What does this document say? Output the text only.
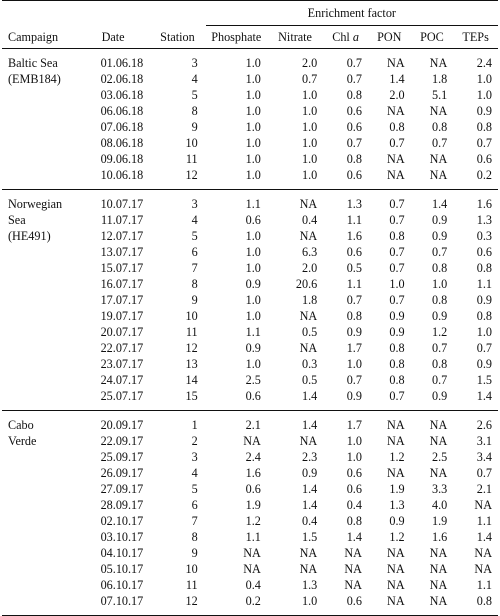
			Enrichment factor					
Campaign	Date	Station	Phosphate	Nitrate	Chl a	PON	POC	TEPs
Baltic Sea	01.06.18	3	1.0	2.0	0.7	NA	NA	2.4
(EMB184)	02.06.18	4	1.0	0.7	0.7	1.4	1.8	1.0
	03.06.18	5	1.0	1.0	0.8	2.0	5.1	1.0
	06.06.18	8	1.0	1.0	0.6	NA	NA	0.9
	07.06.18	9	1.0	1.0	0.6	0.8	0.8	0.8
	08.06.18	10	1.0	1.0	0.7	0.7	0.7	0.7
	09.06.18	11	1.0	1.0	0.8	NA	NA	0.6
	10.06.18	12	1.0	1.0	0.6	NA	NA	0.2
Norwegian	10.07.17	3	1.1	NA	1.3	0.7	1.4	1.6
Sea	11.07.17	4	0.6	0.4	1.1	0.7	0.9	1.3
(HE491)	12.07.17	5	1.0	NA	1.6	0.8	0.9	0.3
	13.07.17	6	1.0	6.3	0.6	0.7	0.7	0.6
	15.07.17	7	1.0	2.0	0.5	0.7	0.8	0.8
	16.07.17	8	0.9	20.6	1.1	1.0	1.0	1.1
	17.07.17	9	1.0	1.8	0.7	0.7	0.8	0.9
	19.07.17	10	1.0	NA	0.8	0.9	0.9	0.8
	20.07.17	11	1.1	0.5	0.9	0.9	1.2	1.0
	22.07.17	12	0.9	NA	1.7	0.8	0.7	0.7
	23.07.17	13	1.0	0.3	1.0	0.8	0.8	0.9
	24.07.17	14	2.5	0.5	0.7	0.8	0.7	1.5
	25.07.17	15	0.6	1.4	0.9	0.7	0.9	1.4
Cabo	20.09.17	1	2.1	1.4	1.7	NA	NA	2.6
Verde	22.09.17	2	NA	NA	1.0	NA	NA	3.1
	25.09.17	3	2.4	2.3	1.0	1.2	2.5	3.4
	26.09.17	4	1.6	0.9	0.6	NA	NA	0.7
	27.09.17	5	0.6	1.4	0.6	1.9	3.3	2.1
	28.09.17	6	1.9	1.4	0.4	1.3	4.0	NA
	02.10.17	7	1.2	0.4	0.8	0.9	1.9	1.1
	03.10.17	8	1.1	1.5	1.4	1.2	1.6	1.4
	04.10.17	9	NA	NA	NA	NA	NA	NA
	05.10.17	10	NA	NA	NA	NA	NA	NA
	06.10.17	11	0.4	1.3	NA	NA	NA	1.1
	07.10.17	12	0.2	1.0	0.6	NA	NA	0.8
